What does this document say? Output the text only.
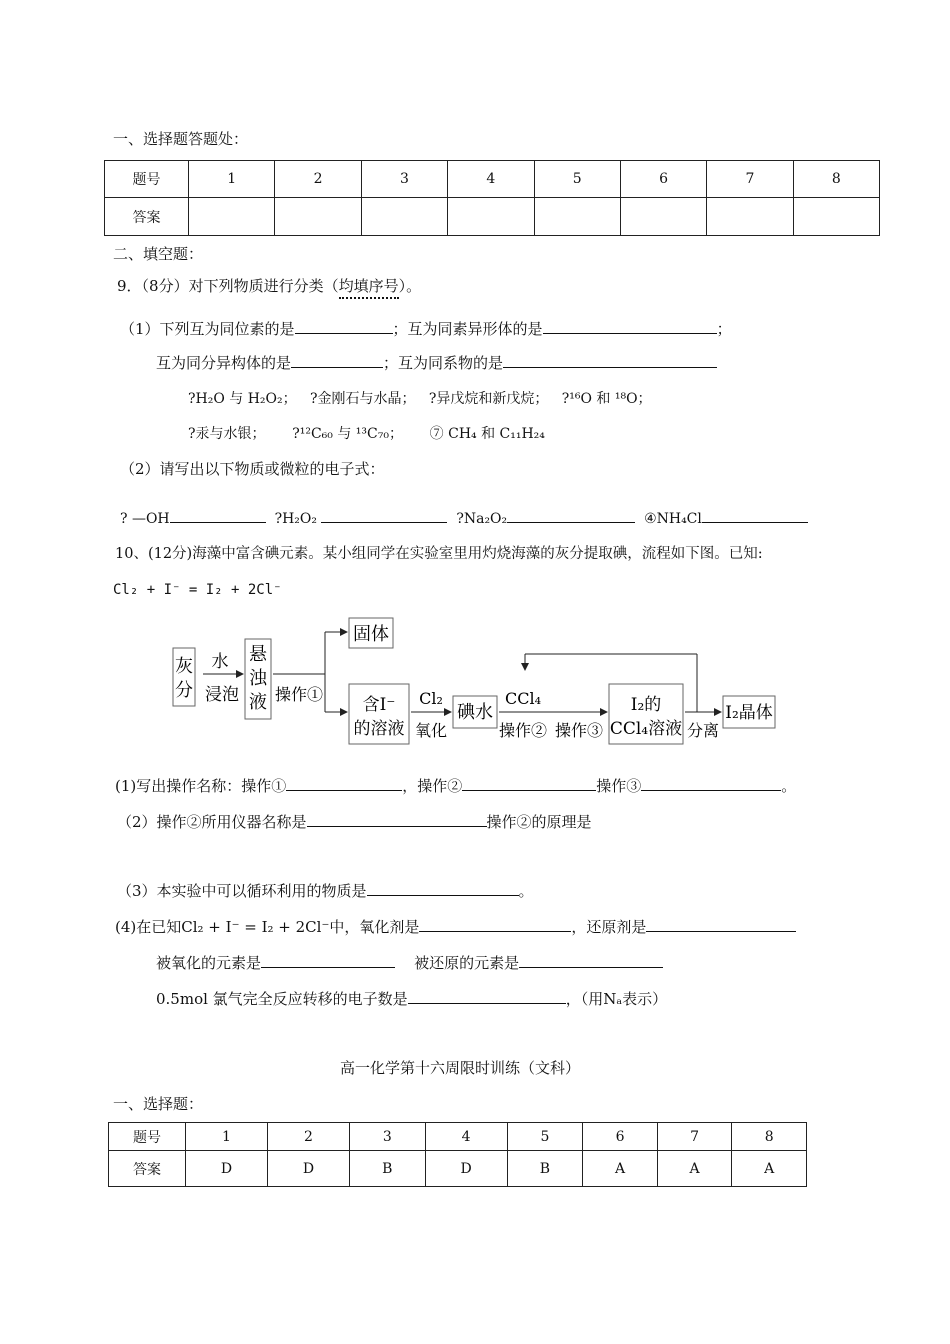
一、选择题答题处：
题号	1	2	3	4	5	6	7	8
答案								
二、填空题：
9．（8分）对下列物质进行分类（均填序号）。
（1）下列互为同位素的是	；互为同素异形体的是	；
互为同分异构体的是	；互为同系物的是
?H₂O 与 H₂O₂； ?金刚石与水晶； ?异戊烷和新戊烷； ?¹⁶O 和 ¹⁸O；
?汞与水银； ?¹²C₆₀ 与 ¹³C₇₀； ⑦ CH₄ 和 C₁₁H₂₄
（2）请写出以下物质或微粒的电子式：
? —OH	?H₂O₂	?Na₂O₂	④NH₄Cl
10、(12分)海藻中富含碘元素。某小组同学在实验室里用灼烧海藻的灰分提取碘，流程如下图。已知:
Cl₂ + I⁻ = I₂ + 2Cl⁻
灰
分
水
浸泡
悬
浊
液 操作①
固体
含I⁻
的溶液
Cl₂
氧化
碘水
CCl₄
操作② 操作③
I₂的
CCl₄溶液 分离
I₂晶体
(1)写出操作名称：操作①	，操作②	操作③	。
（2）操作②所用仪器名称是	操作②的原理是
（3）本实验中可以循环利用的物质是	。
(4)在已知Cl₂ + I⁻ = I₂ + 2Cl⁻中，氧化剂是	，还原剂是
被氧化的元素是	被还原的元素是
0.5mol 氯气完全反应转移的电子数是	，（用Nₐ表示）
高一化学第十六周限时训练（文科）
一、选择题：
题号	1	2	3	4	5	6	7	8
答案	D	D	B	D	B	A	A	A
